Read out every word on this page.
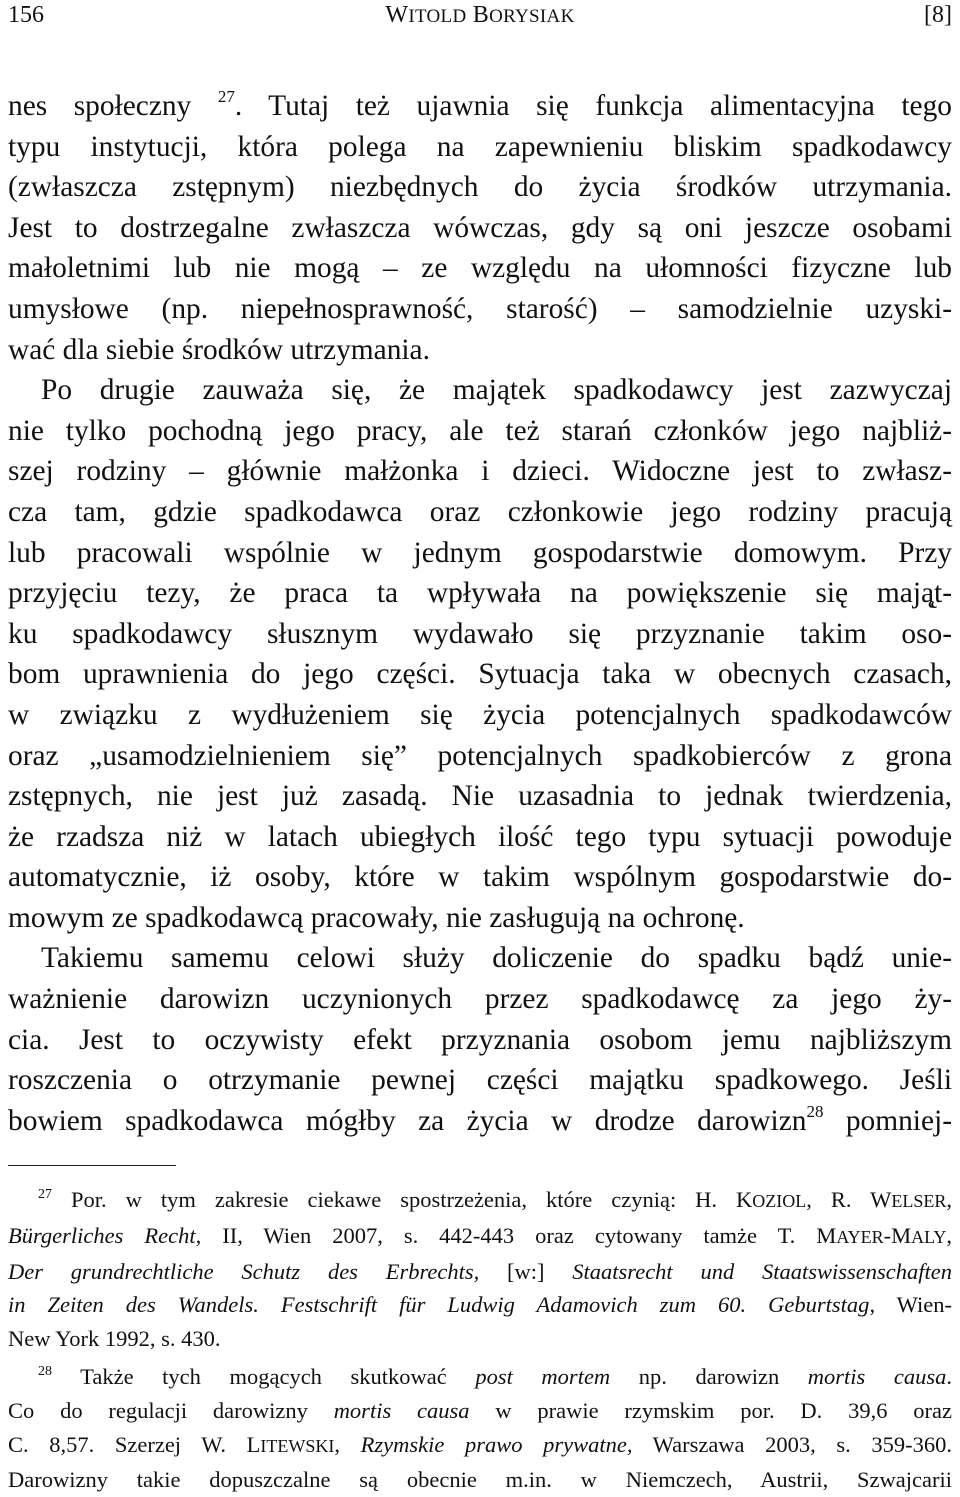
156	WITOLD BORYSIAK	[8]
nes społeczny $^{27}$. Tutaj też ujawnia się funkcja alimentacyjna tego
typu instytucji, która polega na zapewnieniu bliskim spadkodawcy
(zwłaszcza zstępnym) niezbędnych do życia środków utrzymania.
Jest to dostrzegalne zwłaszcza wówczas, gdy są oni jeszcze osobami
małoletnimi lub nie mogą – ze względu na ułomności fizyczne lub
umysłowe (np. niepełnosprawność, starość) – samodzielnie uzyski-
wać dla siebie środków utrzymania.
Po drugie zauważa się, że majątek spadkodawcy jest zazwyczaj
nie tylko pochodną jego pracy, ale też starań członków jego najbliż-
szej rodziny – głównie małżonka i dzieci. Widoczne jest to zwłasz-
cza tam, gdzie spadkodawca oraz członkowie jego rodziny pracują
lub pracowali wspólnie w jednym gospodarstwie domowym. Przy
przyjęciu tezy, że praca ta wpływała na powiększenie się mają̨t-
ku spadkodawcy słusznym wydawało się przyznanie takim oso-
bom uprawnienia do jego części. Sytuacja taka w obecnych czasach,
w związku z wydłużeniem się życia potencjalnych spadkodawców
oraz „usamodzielnieniem się” potencjalnych spadkobierców z grona
zstępnych, nie jest już zasadą. Nie uzasadnia to jednak twierdzenia,
że rzadsza niż w latach ubiegłych ilość tego typu sytuacji powoduje
automatycznie, iż osoby, które w takim wspólnym gospodarstwie do-
mowym ze spadkodawcą pracowały, nie zasługują na ochronę.
Takiemu samemu celowi służy doliczenie do spadku bądź unie-
ważnienie darowizn uczynionych przez spadkodawcę za jego ży-
cia. Jest to oczywisty efekt przyznania osobom jemu najbliższym
roszczenia o otrzymanie pewnej części majątku spadkowego. Jeśli
bowiem spadkodawca mógłby za życia w drodze darowizn$^{28}$ pomniej-
$^{27}$ Por. w tym zakresie ciekawe spostrzeżenia, które czynią: H. KOZIOL, R. WELSER,
Bürgerliches Recht, II, Wien 2007, s. 442-443 oraz cytowany tamże T. MAYER-MALY,
Der grundrechtliche Schutz des Erbrechts, [w:] Staatsrecht und Staatswissenschaften
in Zeiten des Wandels. Festschrift für Ludwig Adamovich zum 60. Geburtstag, Wien-
New York 1992, s. 430.
$^{28}$ Także tych mogących skutkować post mortem np. darowizn mortis causa.
Co do regulacji darowizny mortis causa w prawie rzymskim por. D. 39,6 oraz
C. 8,57. Szerzej W. LITEWSKI, Rzymskie prawo prywatne, Warszawa 2003, s. 359-360.
Darowizny takie dopuszczalne są obecnie m.in. w Niemczech, Austrii, Szwajcarii
